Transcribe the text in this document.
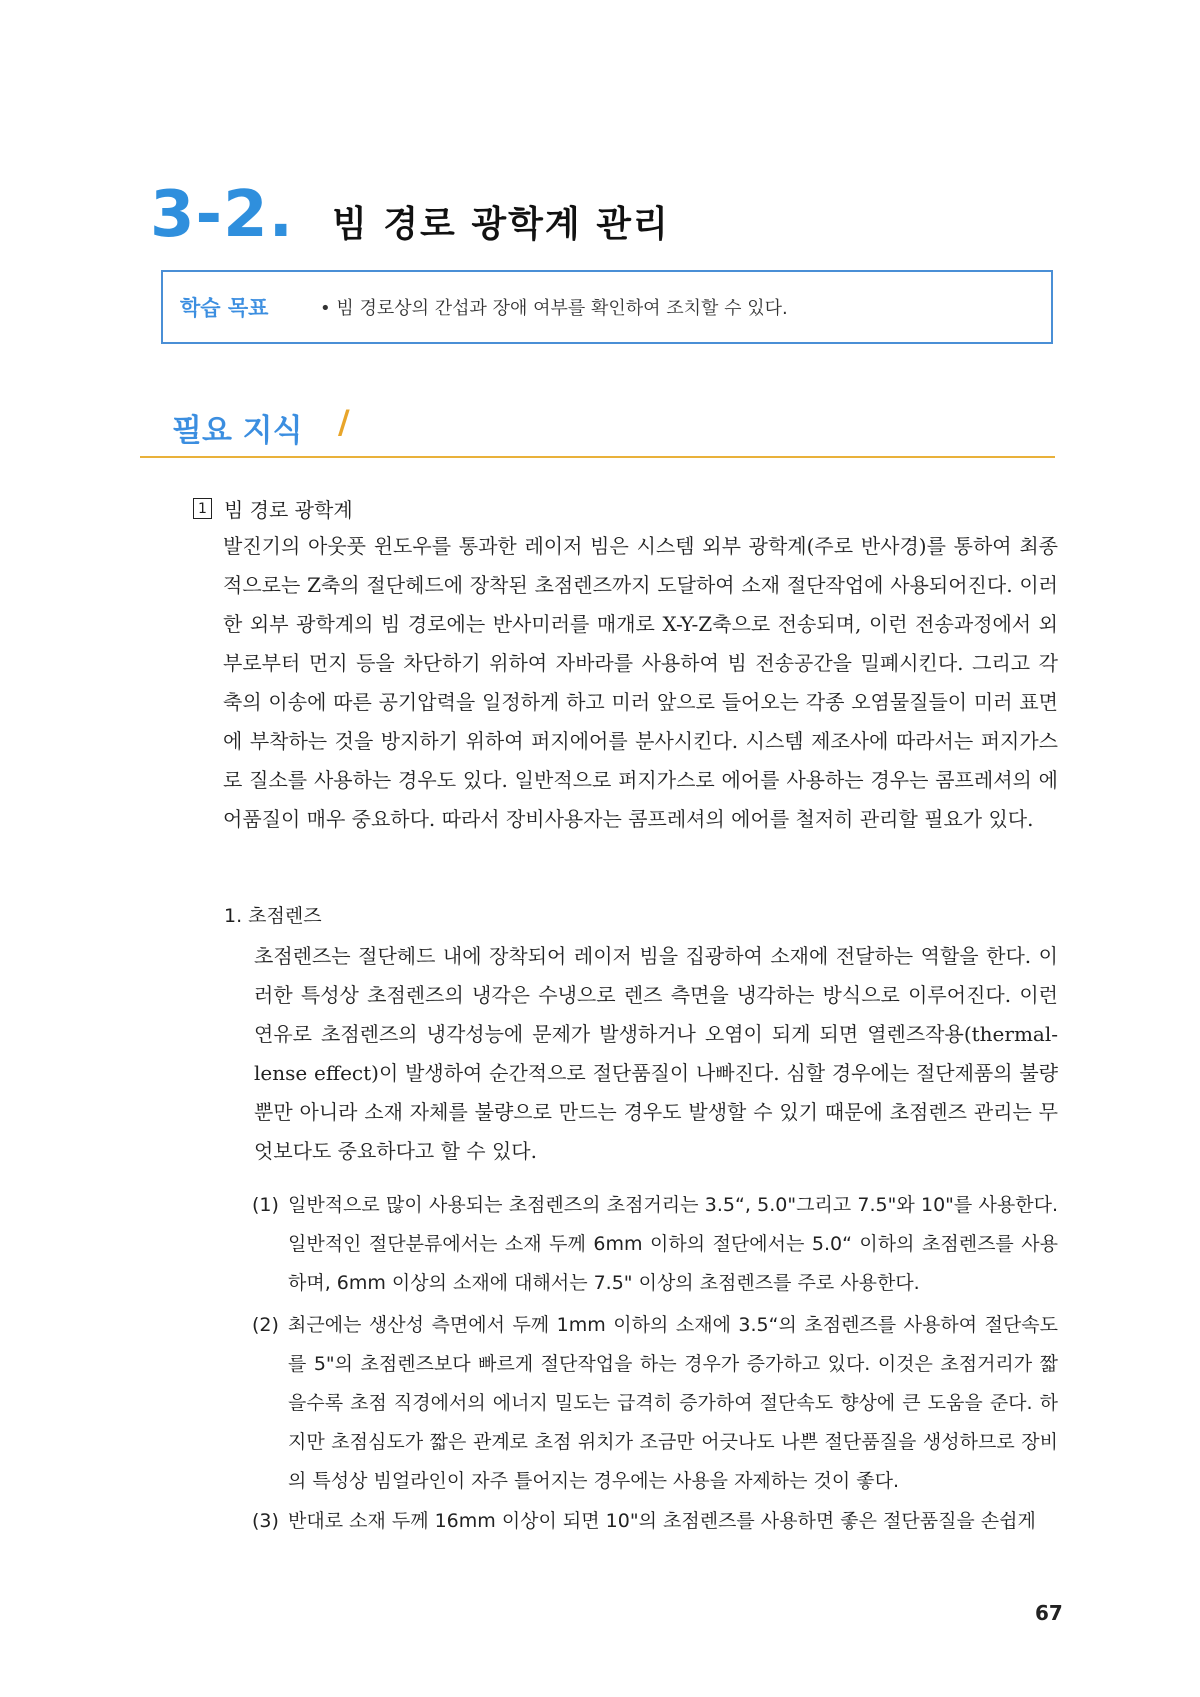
3-2. 빔 경로 광학계 관리
학습 목표	• 빔 경로상의 간섭과 장애 여부를 확인하여 조치할 수 있다.
필요 지식 /
1 빔 경로 광학계
발진기의 아웃풋 윈도우를 통과한 레이저 빔은 시스템 외부 광학계(주로 반사경)를 통하여 최종적으로는 Z축의 절단헤드에 장착된 초점렌즈까지 도달하여 소재 절단작업에 사용되어진다. 이러한 외부 광학계의 빔 경로에는 반사미러를 매개로 X-Y-Z축으로 전송되며, 이런 전송과정에서 외부로부터 먼지 등을 차단하기 위하여 자바라를 사용하여 빔 전송공간을 밀폐시킨다. 그리고 각 축의 이송에 따른 공기압력을 일정하게 하고 미러 앞으로 들어오는 각종 오염물질들이 미러 표면에 부착하는 것을 방지하기 위하여 퍼지에어를 분사시킨다. 시스템 제조사에 따라서는 퍼지가스로 질소를 사용하는 경우도 있다. 일반적으로 퍼지가스로 에어를 사용하는 경우는 콤프레셔의 에어품질이 매우 중요하다. 따라서 장비사용자는 콤프레셔의 에어를 철저히 관리할 필요가 있다.
1. 초점렌즈
초점렌즈는 절단헤드 내에 장착되어 레이저 빔을 집광하여 소재에 전달하는 역할을 한다. 이러한 특성상 초점렌즈의 냉각은 수냉으로 렌즈 측면을 냉각하는 방식으로 이루어진다. 이런 연유로 초점렌즈의 냉각성능에 문제가 발생하거나 오염이 되게 되면 열렌즈작용(thermal-lense effect)이 발생하여 순간적으로 절단품질이 나빠진다. 심할 경우에는 절단제품의 불량뿐만 아니라 소재 자체를 불량으로 만드는 경우도 발생할 수 있기 때문에 초점렌즈 관리는 무엇보다도 중요하다고 할 수 있다.
(1) 일반적으로 많이 사용되는 초점렌즈의 초점거리는 3.5“, 5.0"그리고 7.5"와 10"를 사용한다. 일반적인 절단분류에서는 소재 두께 6mm 이하의 절단에서는 5.0“ 이하의 초점렌즈를 사용하며, 6mm 이상의 소재에 대해서는 7.5" 이상의 초점렌즈를 주로 사용한다.
(2) 최근에는 생산성 측면에서 두께 1mm 이하의 소재에 3.5“의 초점렌즈를 사용하여 절단속도를 5"의 초점렌즈보다 빠르게 절단작업을 하는 경우가 증가하고 있다. 이것은 초점거리가 짧을수록 초점 직경에서의 에너지 밀도는 급격히 증가하여 절단속도 향상에 큰 도움을 준다. 하지만 초점심도가 짧은 관계로 초점 위치가 조금만 어긋나도 나쁜 절단품질을 생성하므로 장비의 특성상 빔얼라인이 자주 틀어지는 경우에는 사용을 자제하는 것이 좋다.
(3) 반대로 소재 두께 16mm 이상이 되면 10"의 초점렌즈를 사용하면 좋은 절단품질을 손쉽게
67
